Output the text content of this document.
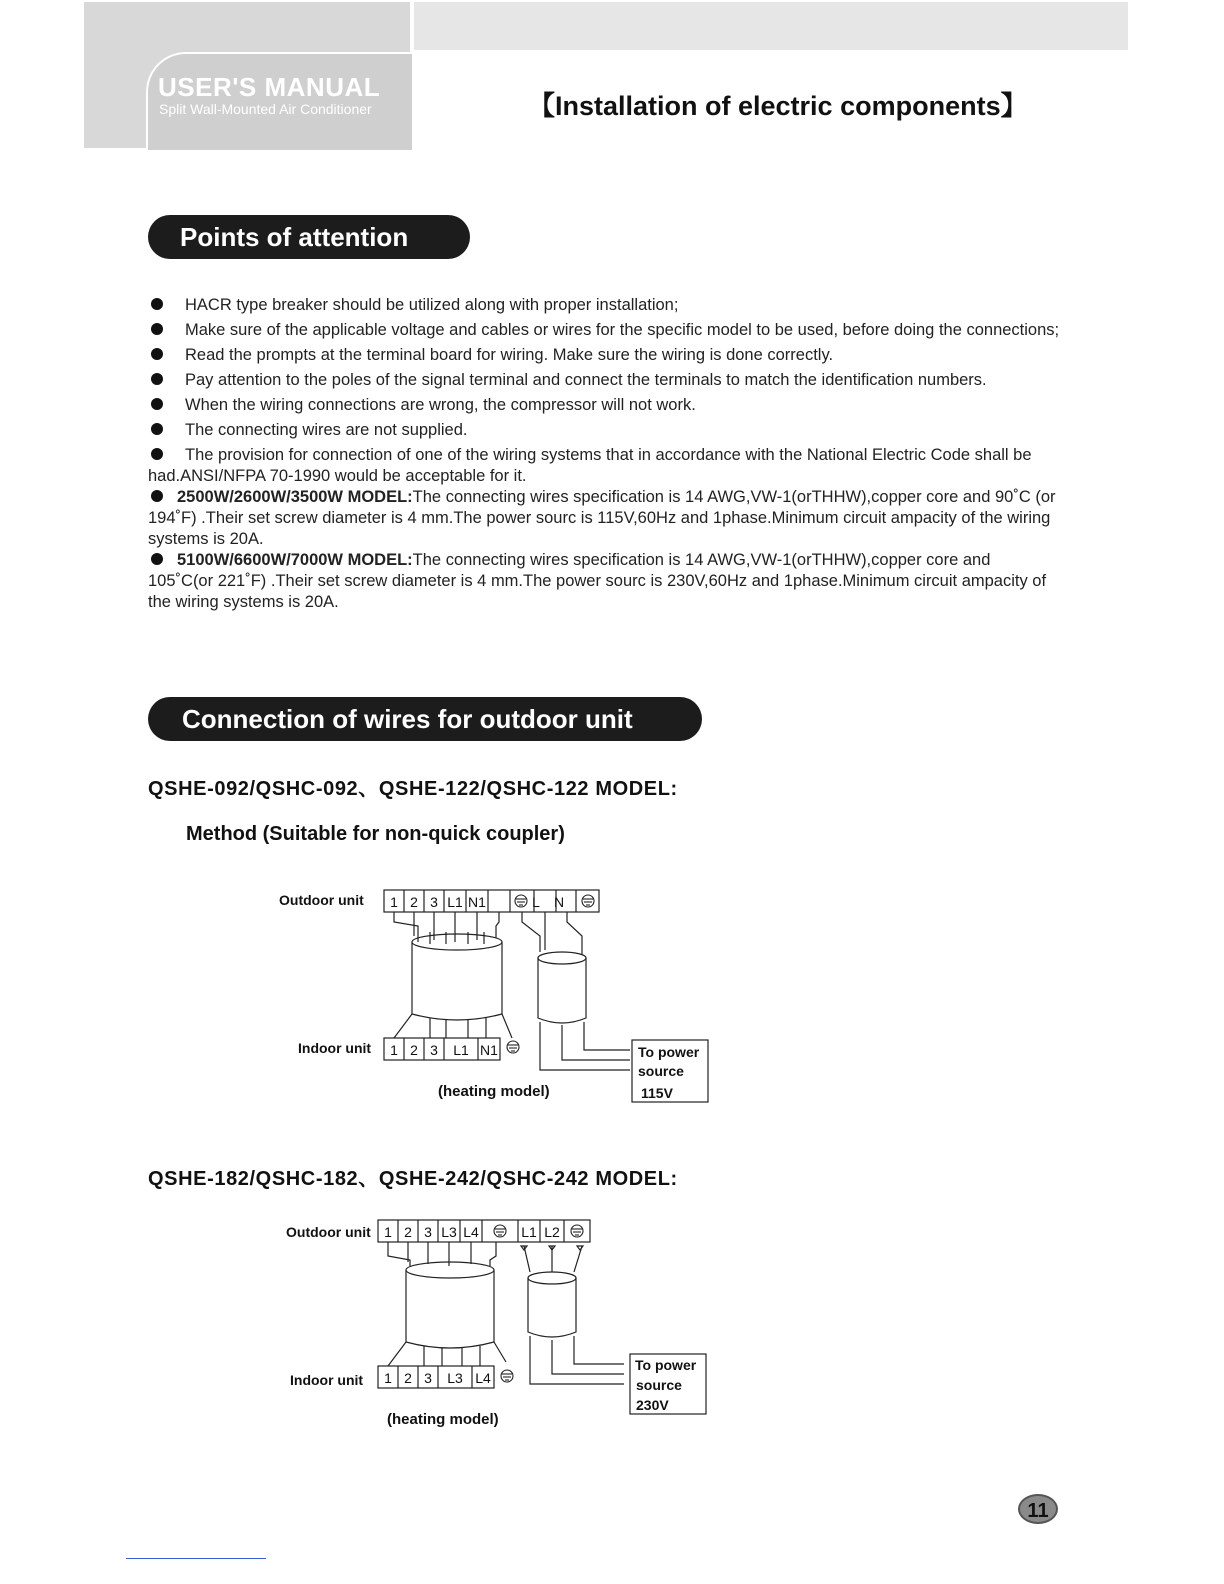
USER'S MANUAL
Split Wall-Mounted Air Conditioner	【Installation of electric components】
Points of attention
HACR type breaker should be utilized along with proper installation;
Make sure of the applicable voltage and cables or wires for the specific model to be used, before doing the connections;
Read the prompts at the terminal board for wiring. Make sure the wiring is done correctly.
Pay attention to the poles of the signal terminal and connect the terminals to match the identification numbers.
When the wiring connections are wrong, the compressor will not work.
The connecting wires are not supplied.
The provision for connection of one of the wiring systems that in accordance with the National Electric Code shall be had.ANSI/NFPA 70-1990 would be acceptable for it.
2500W/2600W/3500W MODEL:The connecting wires specification is 14 AWG,VW-1(orTHHW),copper core and 90˚C (or 194˚F) .Their set screw diameter is 4 mm.The power sourc is 115V,60Hz and 1phase.Minimum circuit ampacity of the wiring systems is 20A.
5100W/6600W/7000W MODEL:The connecting wires specification is 14 AWG,VW-1(orTHHW),copper core and 105˚C(or 221˚F) .Their set screw diameter is 4 mm.The power sourc is 230V,60Hz and 1phase.Minimum circuit ampacity of the wiring systems is 20A.
Connection of wires for outdoor unit
QSHE-092/QSHC-092、QSHE-122/QSHC-122 MODEL:
Method (Suitable for non-quick coupler)
Outdoor unit
Indoor unit
1 2 3 L1 N1	L N
1 2 3 L1 N1	To power
source
115V
(heating model)
QSHE-182/QSHC-182、QSHE-242/QSHC-242 MODEL:
Outdoor unit
Indoor unit
1 2 3 L3 L4	L1 L2
1 2 3 L3 L4
To power
source
230V
(heating model)
11
